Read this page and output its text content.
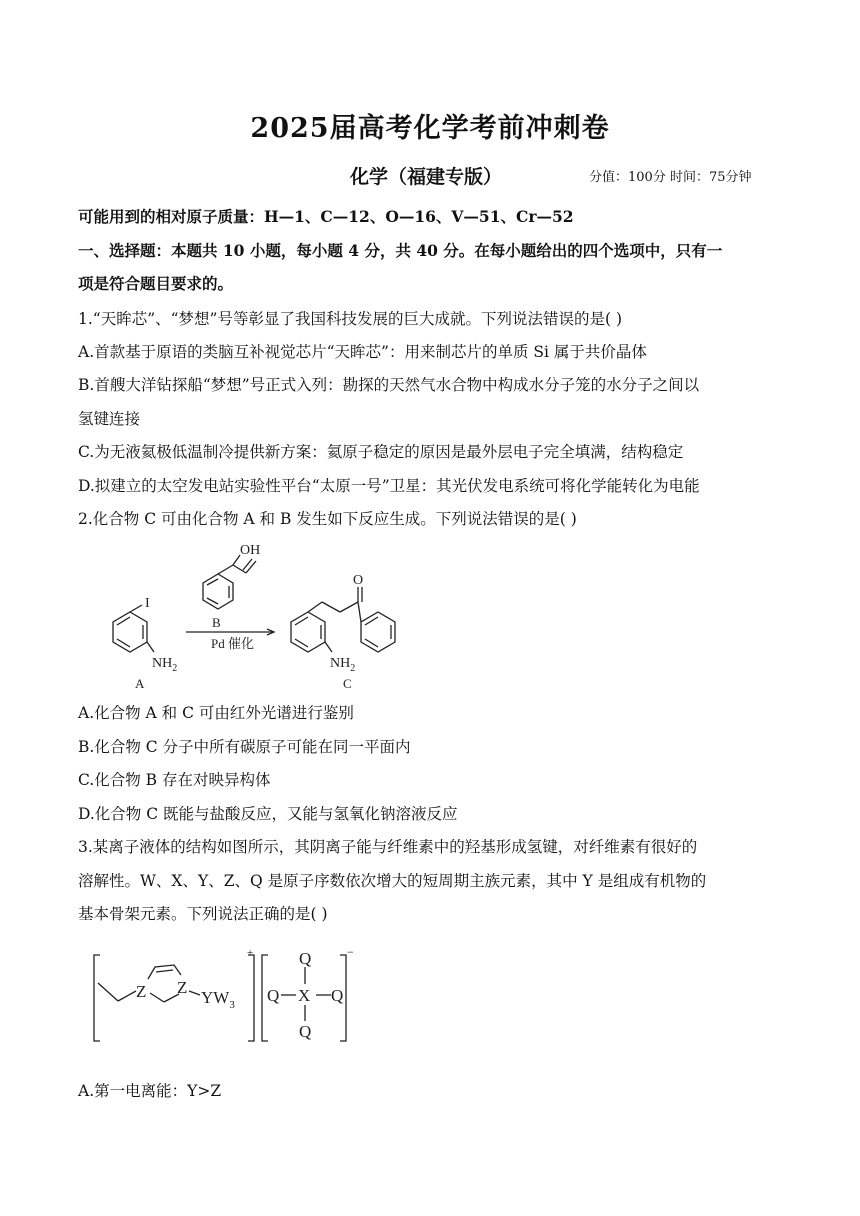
2025届高考化学考前冲刺卷
化学（福建专版）	分值：100分 时间：75分钟
可能用到的相对原子质量：H—1、C—12、O—16、V—51、Cr—52
一、选择题：本题共 10 小题，每小题 4 分，共 40 分。在每小题给出的四个选项中，只有一
项是符合题目要求的。
1.“天眸芯”、“梦想”号等彰显了我国科技发展的巨大成就。下列说法错误的是( )
A.首款基于原语的类脑互补视觉芯片“天眸芯”：用来制芯片的单质 Si 属于共价晶体
B.首艘大洋钻探船“梦想”号正式入列：勘探的天然气水合物中构成水分子笼的水分子之间以
氢键连接
C.为无液氦极低温制冷提供新方案：氦原子稳定的原因是最外层电子完全填满，结构稳定
D.拟建立的太空发电站实验性平台“太原一号”卫星：其光伏发电系统可将化学能转化为电能
2.化合物 C 可由化合物 A 和 B 发生如下反应生成。下列说法错误的是( )
OH
I
B
Pd 催化
$NH_2$
A
O
$NH_2$
C
A.化合物 A 和 C 可由红外光谱进行鉴别
B.化合物 C 分子中所有碳原子可能在同一平面内
C.化合物 B 存在对映异构体
D.化合物 C 既能与盐酸反应，又能与氢氧化钠溶液反应
3.某离子液体的结构如图所示，其阴离子能与纤维素中的羟基形成氢键，对纤维素有很好的
溶解性。W、X、Y、Z、Q 是原子序数依次增大的短周期主族元素，其中 Y 是组成有机物的
基本骨架元素。下列说法正确的是( )
Z Z
$YW_3$
+	−
Q
Q X Q
Q
A.第一电离能：Y>Z
